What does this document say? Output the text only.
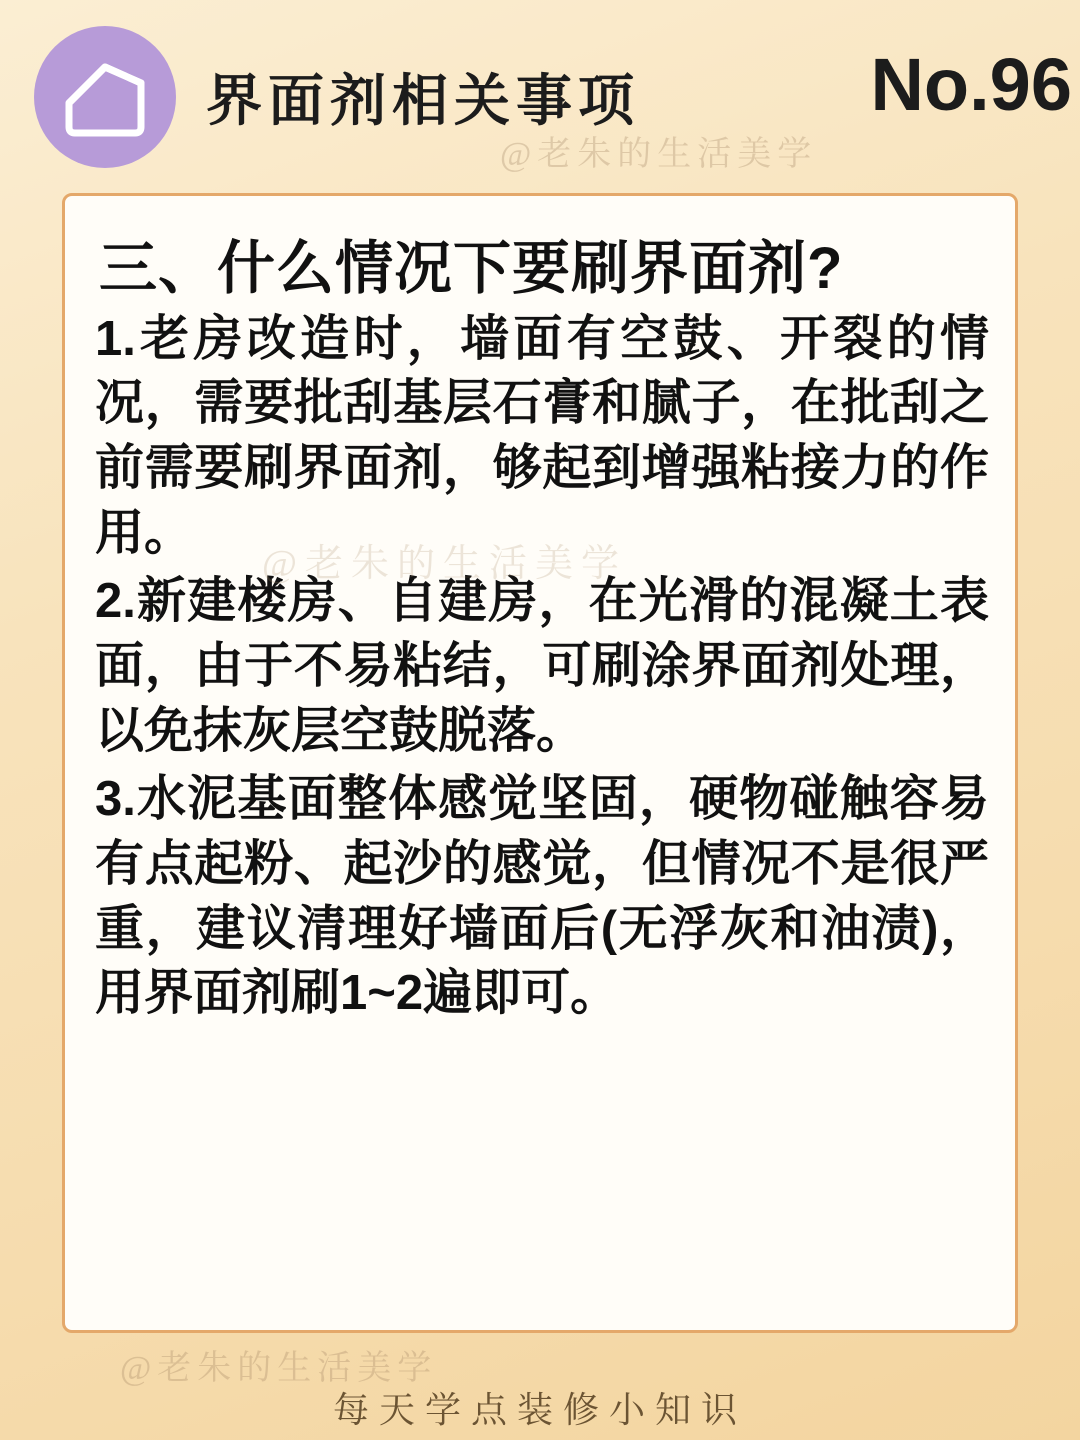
界面剂相关事项	No.96
@老朱的生活美学
三、什么情况下要刷界面剂?
1.老房改造时，墙面有空鼓、开裂的情况，需要批刮基层石膏和腻子，在批刮之前需要刷界面剂，够起到增强粘接力的作用。
2.新建楼房、自建房，在光滑的混凝土表面，由于不易粘结，可刷涂界面剂处理，以免抹灰层空鼓脱落。
3.水泥基面整体感觉坚固，硬物碰触容易有点起粉、起沙的感觉，但情况不是很严重，建议清理好墙面后(无浮灰和油渍)，用界面剂刷1~2遍即可。
@老朱的生活美学
@老朱的生活美学
每天学点装修小知识
